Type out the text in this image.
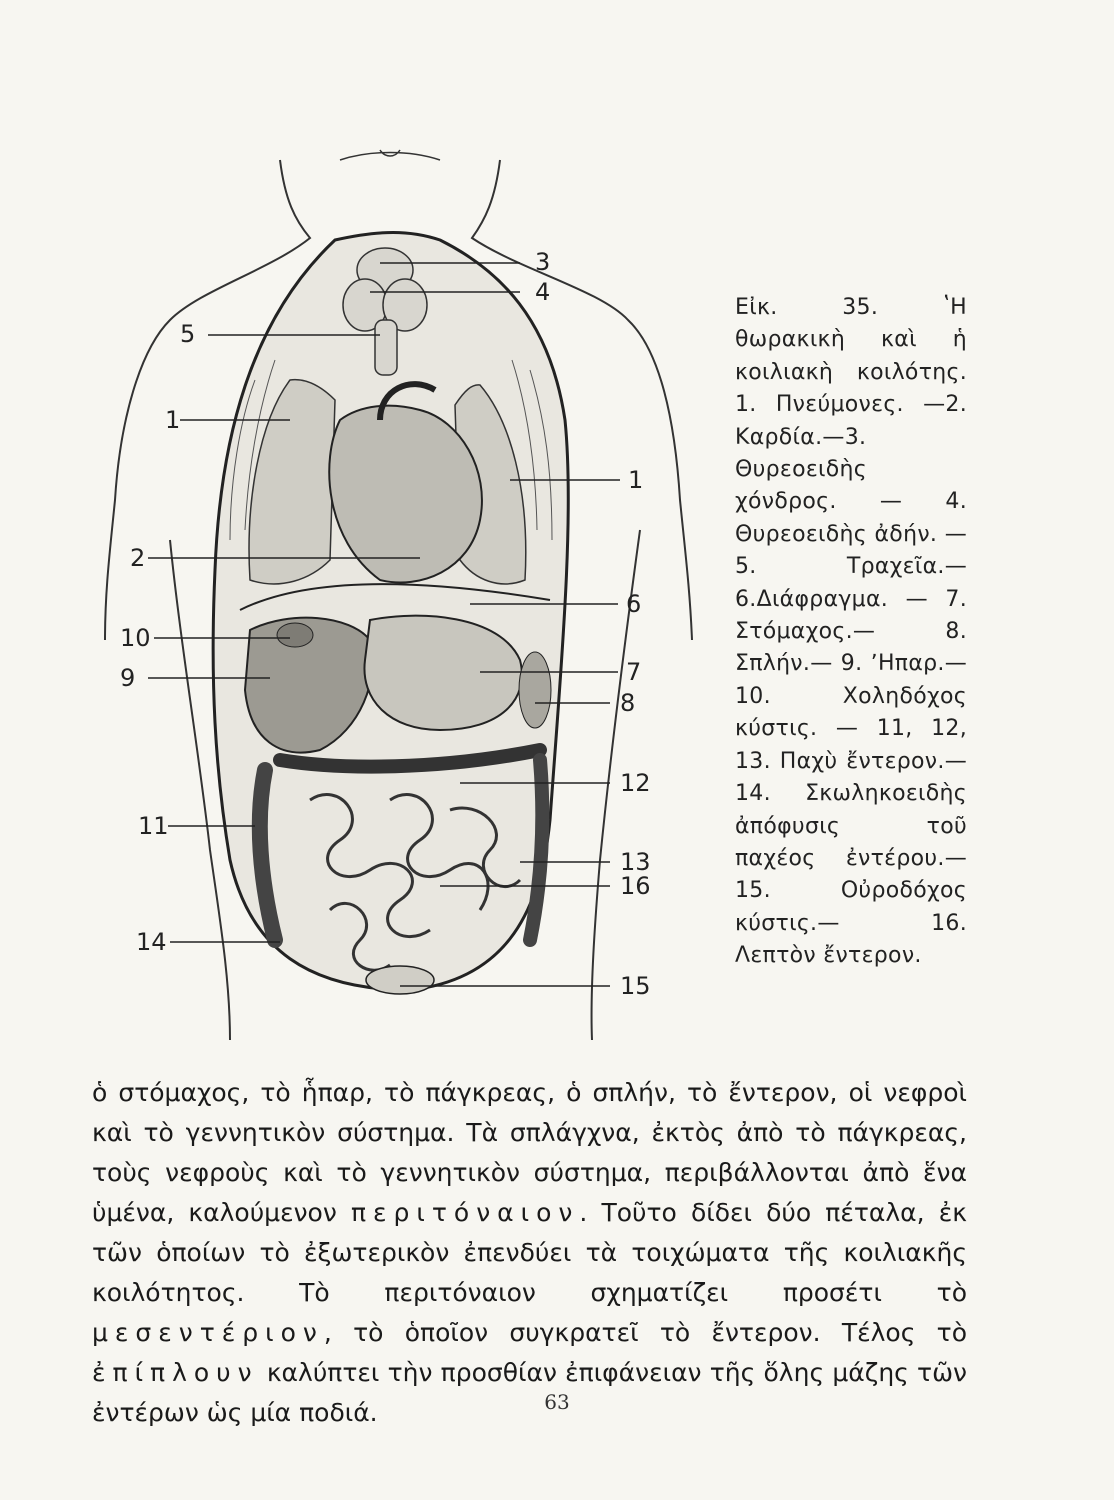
3
4
5
1
1
2
6
10
7
9
8
12
11
13
16
14
15
Εἰκ. 35. ʽΗ θωρακικὴ καὶ ἡ κοιλιακὴ κοιλότης. 1. Πνεύμονες. —2. Καρδία.—3. Θυρεοειδὴς χόνδρος. — 4. Θυρεοειδὴς ἀδήν. —5. Τραχεῖα.—6.Διάφραγμα. — 7. Στόμαχος.— 8. Σπλήν.— 9. ʼΗπαρ.— 10. Χοληδόχος κύστις. — 11, 12, 13. Παχὺ ἔντερον.— 14. Σκωληκοειδὴς ἀπόφυσις τοῦ παχέος ἐντέρου.—15. Οὐροδόχος κύστις.— 16. Λεπτὸν ἔντερον.
ὁ στόμαχος, τὸ ἧπαρ, τὸ πάγκρεας, ὁ σπλήν, τὸ ἔντερον, οἱ νεφροὶ καὶ τὸ γεννητικὸν σύστημα. Τὰ σπλάγχνα, ἐκτὸς ἀπὸ τὸ πάγκρεας, τοὺς νεφροὺς καὶ τὸ γεννητικὸν σύστημα, περιβάλλονται ἀπὸ ἕνα ὑμένα, καλούμενον περιτόναιον. Τοῦτο δίδει δύο πέταλα, ἐκ τῶν ὁποίων τὸ ἐξωτερικὸν ἐπενδύει τὰ τοιχώματα τῆς κοιλιακῆς κοιλότητος. Τὸ περιτόναιον σχηματίζει προσέτι τὸ μεσεντέριον, τὸ ὁποῖον συγκρατεῖ τὸ ἔντερον. Τέλος τὸ ἐπίπλουν καλύπτει τὴν προσθίαν ἐπιφάνειαν τῆς ὅλης μάζης τῶν ἐντέρων ὡς μία ποδιά.	63
